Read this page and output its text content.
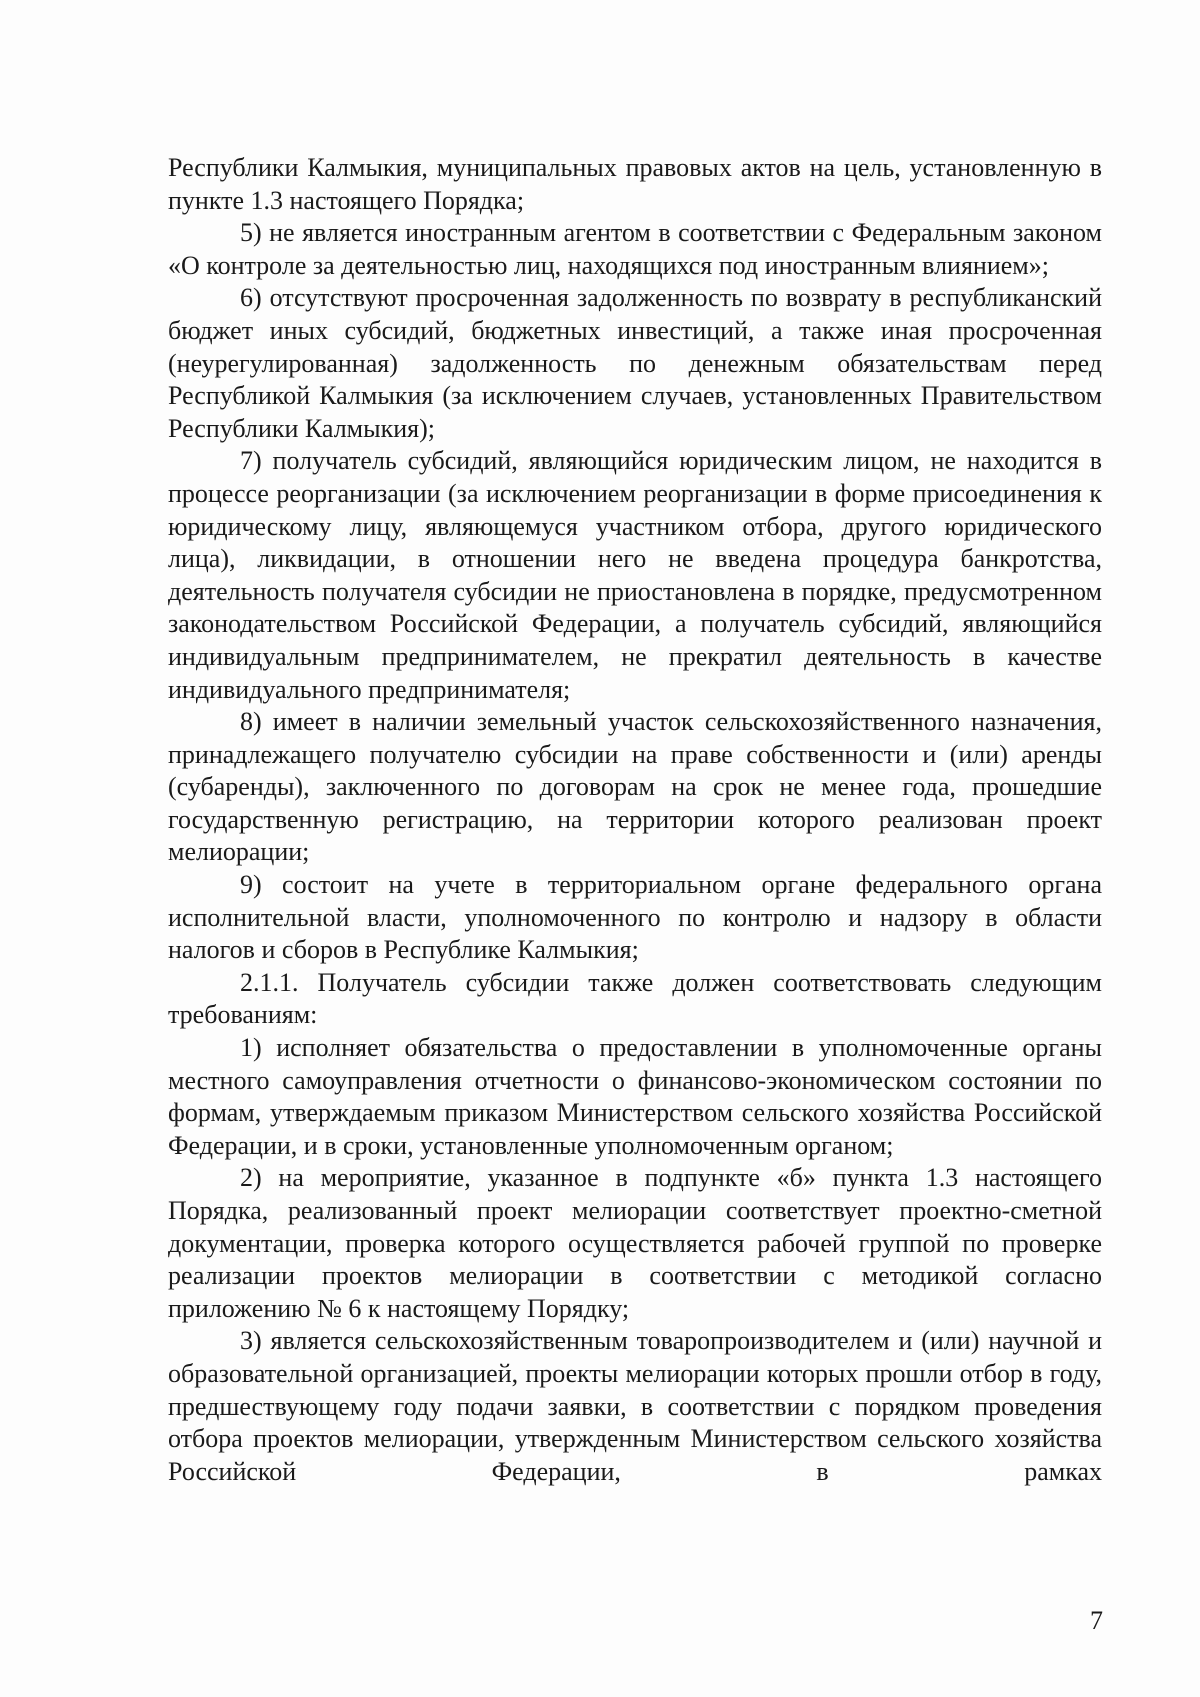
Республики Калмыкия, муниципальных правовых актов на цель, установленную в пункте 1.3 настоящего Порядка;

5) не является иностранным агентом в соответствии с Федеральным законом «О контроле за деятельностью лиц, находящихся под иностранным влиянием»;

6) отсутствуют просроченная задолженность по возврату в республиканский бюджет иных субсидий, бюджетных инвестиций, а также иная просроченная (неурегулированная) задолженность по денежным обязательствам перед Республикой Калмыкия (за исключением случаев, установленных Правительством Республики Калмыкия);

7) получатель субсидий, являющийся юридическим лицом, не находится в процессе реорганизации (за исключением реорганизации в форме присоединения к юридическому лицу, являющемуся участником отбора, другого юридического лица), ликвидации, в отношении него не введена процедура банкротства, деятельность получателя субсидии не приостановлена в порядке, предусмотренном законодательством Российской Федерации, а получатель субсидий, являющийся индивидуальным предпринимателем, не прекратил деятельность в качестве индивидуального предпринимателя;

8) имеет в наличии земельный участок сельскохозяйственного назначения, принадлежащего получателю субсидии на праве собственности и (или) аренды (субаренды), заключенного по договорам на срок не менее года, прошедшие государственную регистрацию, на территории которого реализован проект мелиорации;

9) состоит на учете в территориальном органе федерального органа исполнительной власти, уполномоченного по контролю и надзору в области налогов и сборов в Республике Калмыкия;

2.1.1. Получатель субсидии также должен соответствовать следующим требованиям:

1) исполняет обязательства о предоставлении в уполномоченные органы местного самоуправления отчетности о финансово-экономическом состоянии по формам, утверждаемым приказом Министерством сельского хозяйства Российской Федерации, и в сроки, установленные уполномоченным органом;

2) на мероприятие, указанное в подпункте «б» пункта 1.3 настоящего Порядка, реализованный проект мелиорации соответствует проектно-сметной документации, проверка которого осуществляется рабочей группой по проверке реализации проектов мелиорации в соответствии с методикой согласно приложению № 6 к настоящему Порядку;

3) является сельскохозяйственным товаропроизводителем и (или) научной и образовательной организацией, проекты мелиорации которых прошли отбор в году, предшествующему году подачи заявки, в соответствии с порядком проведения отбора проектов мелиорации, утвержденным Министерством сельского хозяйства Российской Федерации, в рамках

7
